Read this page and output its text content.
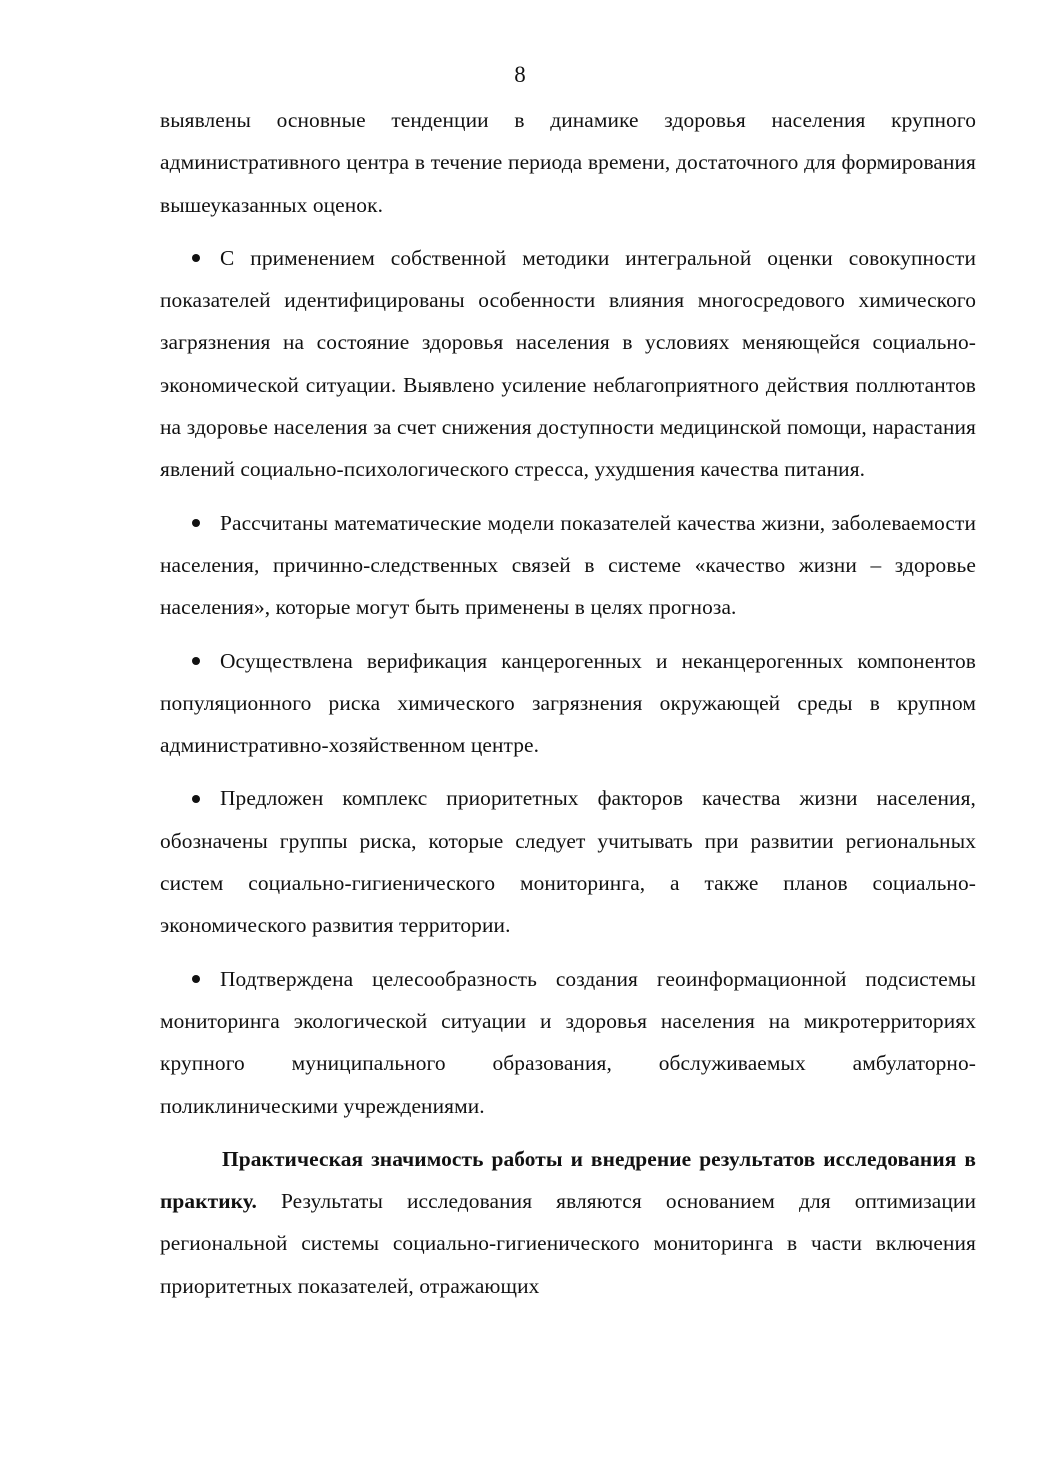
8

выявлены основные тенденции в динамике здоровья населения крупного административного центра в течение периода времени, достаточного для формирования вышеуказанных оценок.

С применением собственной методики интегральной оценки совокупности показателей идентифицированы особенности влияния многосредового химического загрязнения на состояние здоровья населения в условиях меняющейся социально-экономической ситуации. Выявлено усиление неблагоприятного действия поллютантов на здоровье населения за счет снижения доступности медицинской помощи, нарастания явлений социально-психологического стресса, ухудшения качества питания.

Рассчитаны математические модели показателей качества жизни, заболеваемости населения, причинно-следственных связей в системе «качество жизни – здоровье населения», которые могут быть применены в целях прогноза.

Осуществлена верификация канцерогенных и неканцерогенных компонентов популяционного риска химического загрязнения окружающей среды в крупном административно-хозяйственном центре.

Предложен комплекс приоритетных факторов качества жизни населения, обозначены группы риска, которые следует учитывать при развитии региональных систем социально-гигиенического мониторинга, а также планов социально-экономического развития территории.

Подтверждена целесообразность создания геоинформационной подсистемы мониторинга экологической ситуации и здоровья населения на микротерриториях крупного муниципального образования, обслуживаемых амбулаторно-поликлиническими учреждениями.

Практическая значимость работы и внедрение результатов исследования в практику. Результаты исследования являются основанием для оптимизации региональной системы социально-гигиенического мониторинга в части включения приоритетных показателей, отражающих
